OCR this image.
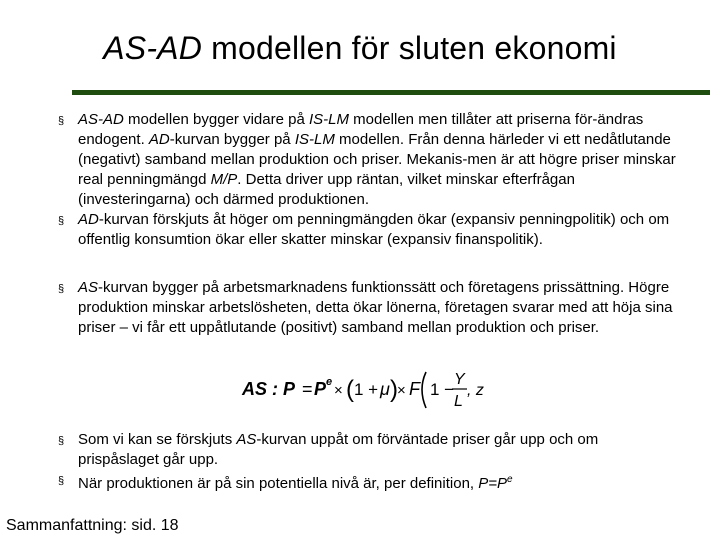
AS-AD modellen för sluten ekonomi
§ AS-AD modellen bygger vidare på IS-LM modellen men tillåter att priserna för-ändras endogent. AD-kurvan bygger på IS-LM modellen. Från denna härleder vi ett nedåtlutande (negativt) samband mellan produktion och priser. Mekanis-men är att högre priser minskar real penningmängd M/P. Detta driver upp räntan, vilket minskar efterfrågan (investeringarna) och därmed produktionen.
§ AD-kurvan förskjuts åt höger om penningmängden ökar (expansiv penningpolitik) och om offentlig konsumtion ökar eller skatter minskar (expansiv finanspolitik).
§ AS-kurvan bygger på arbetsmarknadens funktionssätt och företagens prissättning. Högre produktion minskar arbetslösheten, detta ökar lönerna, företagen svarar med att höja sina priser – vi får ett uppåtlutande (positivt) samband mellan produktion och priser.
§ Som vi kan se förskjuts AS-kurvan uppåt om förväntade priser går upp och om prispåslaget går upp.
§ När produktionen är på sin potentiella nivå är, per definition, $P=P^e$
AS : P = P e × ( 1 + μ ) × F 1 −
Y
L
, z
Sammanfattning: sid. 18
